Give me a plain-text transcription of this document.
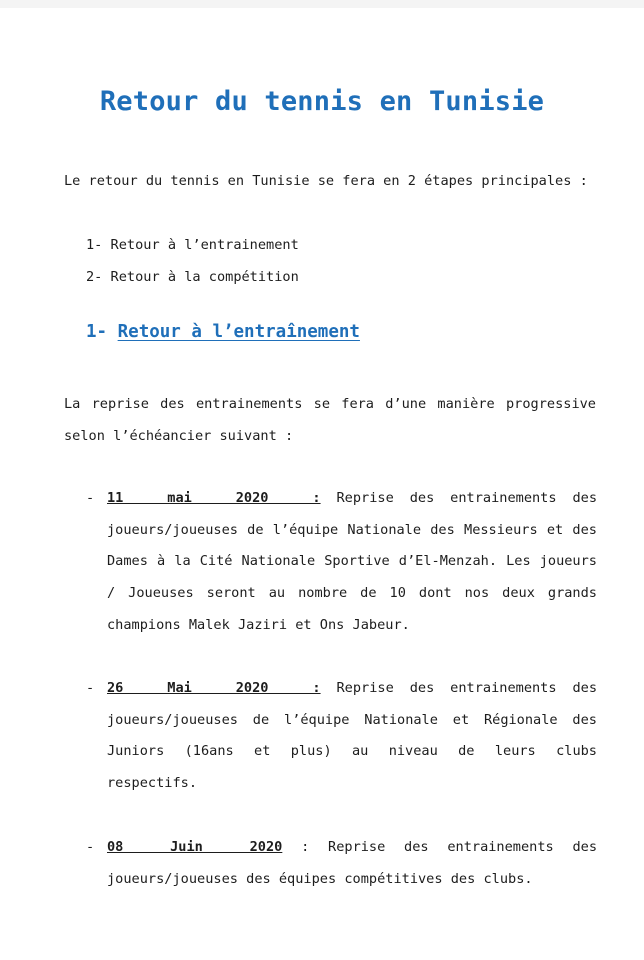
Retour du tennis en Tunisie

Le retour du tennis en Tunisie se fera en 2 étapes principales :

1- Retour à l’entrainement
2- Retour à la compétition
1- Retour à l’entraînement

La reprise des entrainements se fera d’une manière progressive selon l’échéancier suivant :

- 11 mai 2020 : Reprise des entrainements des joueurs/joueuses de l’équipe Nationale des Messieurs et des Dames à la Cité Nationale Sportive d’El-Menzah. Les joueurs / Joueuses seront au nombre de 10 dont nos deux grands champions Malek Jaziri et Ons Jabeur.
- 26 Mai 2020 : Reprise des entrainements des joueurs/joueuses de l’équipe Nationale et Régionale des Juniors (16ans et plus) au niveau de leurs clubs respectifs.
- 08 Juin 2020 : Reprise des entrainements des joueurs/joueuses des équipes compétitives des clubs.
